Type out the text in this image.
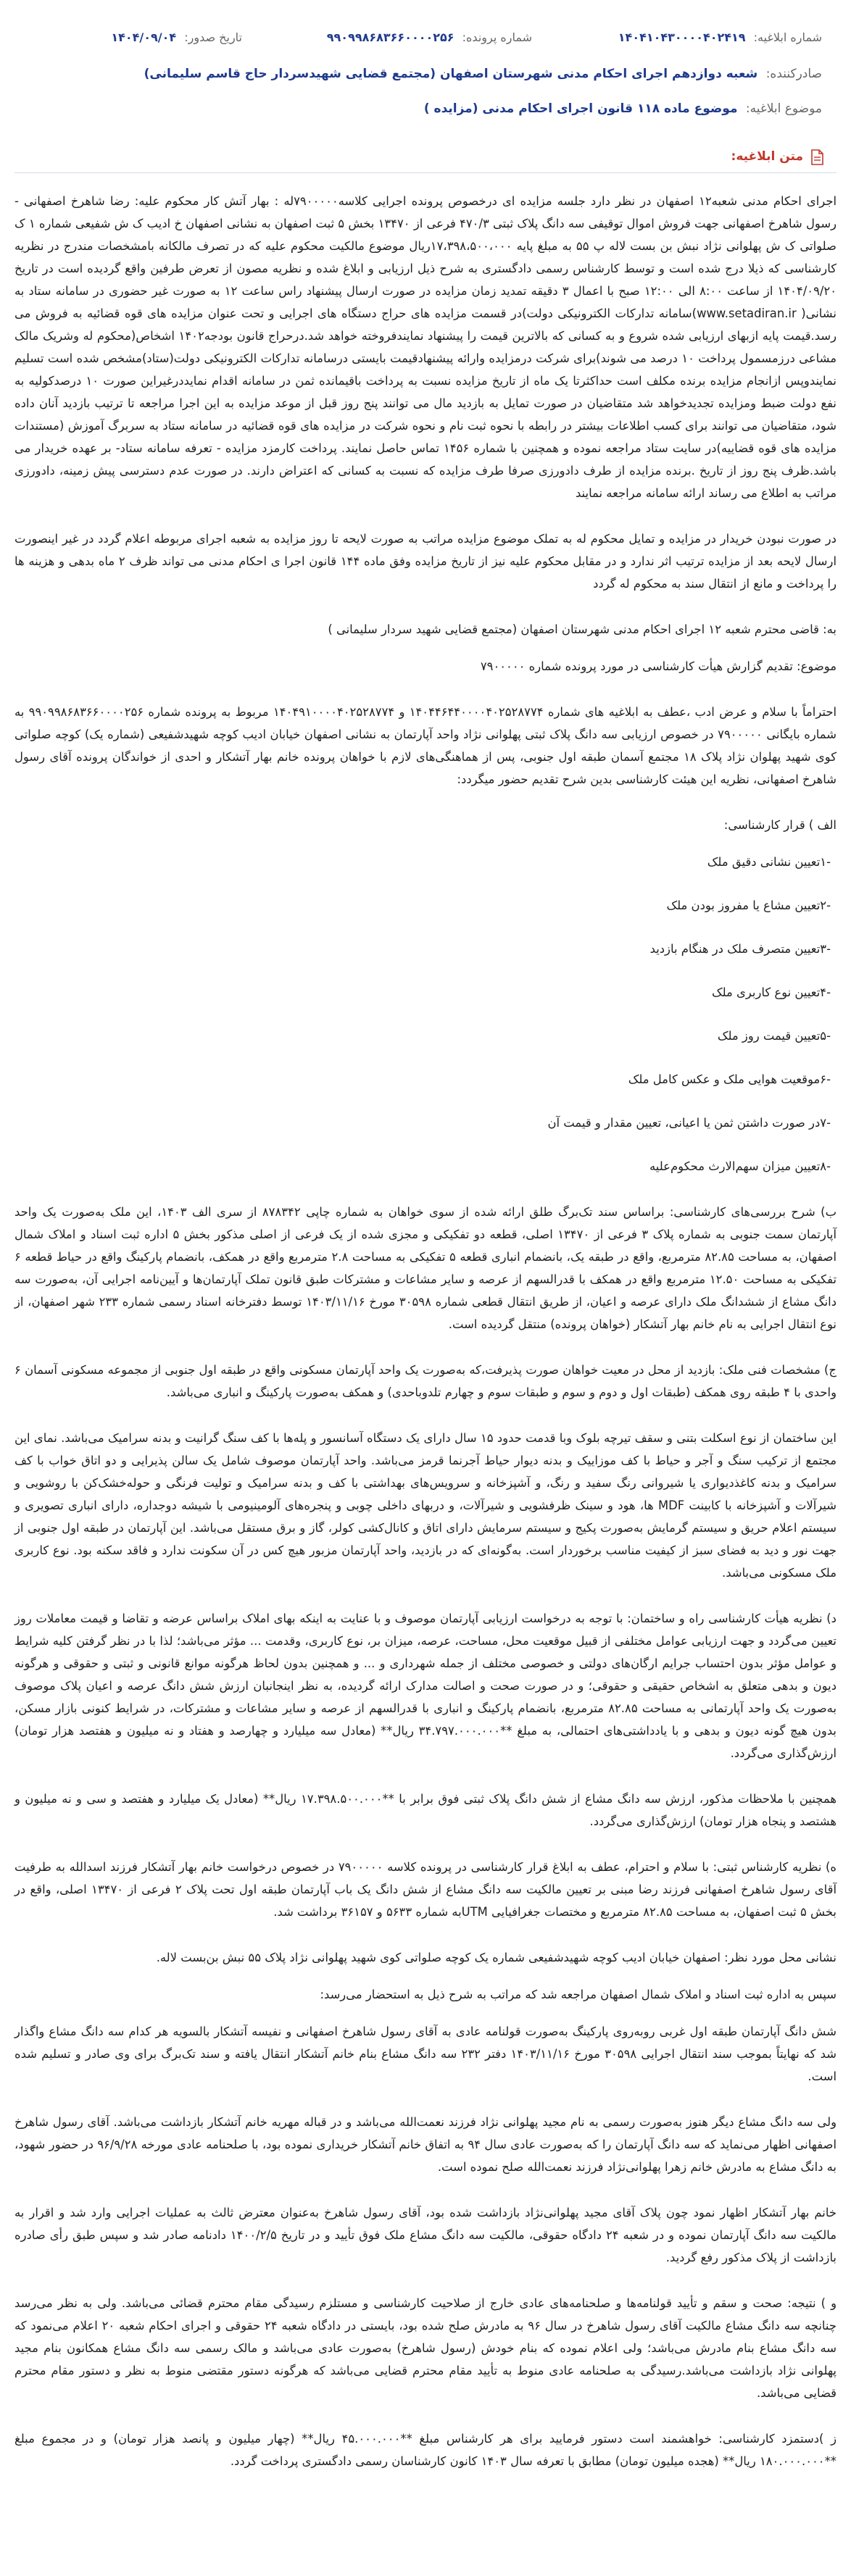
شماره ابلاغیه: ۱۴۰۴۱۰۴۳۰۰۰۰۴۰۲۴۱۹
شماره پرونده: ۹۹۰۹۹۸۶۸۳۶۶۰۰۰۰۲۵۶
تاریخ صدور: ۱۴۰۴/۰۹/۰۴
صادرکننده: شعبه دوازدهم اجرای احکام مدنی شهرستان اصفهان (مجتمع قضایی شهیدسردار حاج قاسم سلیمانی)
موضوع ابلاغیه: موضوع ماده ۱۱۸ قانون اجرای احکام مدنی (مزایده )
متن ابلاغیه:

اجرای احکام مدنی شعبه۱۲ اصفهان در نظر دارد جلسه مزایده ای درخصوص پرونده اجرایی کلاسه۷۹۰۰۰۰۰له : بهار آتش کار محکوم علیه: رضا شاهرخ اصفهانی - رسول شاهرخ اصفهانی جهت فروش اموال توقیفی سه دانگ پلاک ثبتی ۴۷۰/۳ فرعی از ۱۳۴۷۰ بخش ۵ ثبت اصفهان به نشانی اصفهان خ ادیب ک ش شفیعی شماره ۱ ک صلواتی ک ش پهلوانی نژاد نبش بن بست لاله پ ۵۵ به مبلغ پایه ۱۷،۳۹۸،۵۰۰،۰۰۰ریال موضوع مالکیت محکوم علیه که در تصرف مالکانه بامشخصات مندرج در نظریه کارشناسی که ذیلا درج شده است و توسط کارشناس رسمی دادگستری به شرح ذیل ارزیابی و ابلاغ شده و نظریه مصون از تعرض طرفین واقع گردیده است در تاریخ ۱۴۰۴/۰۹/۲۰ از ساعت ۸:۰۰ الی ۱۲:۰۰ صبح با اعمال ۳ دقیقه تمدید زمان مزایده در صورت ارسال پیشنهاد راس ساعت ۱۲ به صورت غیر حضوری در سامانه ستاد به نشانی( www.setadiran.ir)سامانه تدارکات الکترونیکی دولت)در قسمت مزایده های حراج دستگاه های اجرایی و تحت عنوان مزایده های قوه قضائیه به فروش می رسد.قیمت پایه ازبهای ارزیابی شده شروع و به کسانی که بالاترین قیمت را پیشنهاد نمایندفروخته خواهد شد.درحراج قانون بودجه۱۴۰۲ اشخاص(محکوم له وشریک مالک مشاعی درزمسمول پرداخت ۱۰ درصد می شوند)برای شرکت درمزایده وارائه پیشنهادقیمت بایستی درسامانه تدارکات الکترونیکی دولت(ستاد)مشخص شده است تسلیم نمایندوپس ازانجام مزایده برنده مکلف است حداکثرتا یک ماه از تاریخ مزایده نسبت به پرداخت باقیمانده ثمن در سامانه اقدام نمایددرغیراین صورت ۱۰ درصدکولیه به نفع دولت ضبط ومزایده تجدیدخواهد شد متقاضیان در صورت تمایل به بازدید مال می توانند پنج روز قبل از موعد مزایده به این اجرا مراجعه تا ترتیب بازدید آنان داده شود، متقاضیان می توانند برای کسب اطلاعات بیشتر در رابطه با نحوه ثبت نام و نحوه شرکت در مزایده های قوه قضائیه در سامانه ستاد به سربرگ آموزش (مستندات مزایده های قوه قضاییه)در سایت ستاد مراجعه نموده و همچنین با شماره ۱۴۵۶ تماس حاصل نمایند. پرداخت کارمزد مزایده - تعرفه سامانه ستاد- بر عهده خریدار می باشد.ظرف پنج روز از تاریخ .برنده مزایده از طرف دادورزی صرفا طرف مزایده که نسبت به کسانی که اعتراض دارند. در صورت عدم دسترسی پیش زمینه، دادورزی مراتب به اطلاع می رساند ارائه سامانه مراجعه نمایند

در صورت نبودن خریدار در مزایده و تمایل محکوم له به تملک موضوع مزایده مراتب به صورت لایحه تا روز مزایده به شعبه اجرای مربوطه اعلام گردد در غیر اینصورت ارسال لایحه بعد از مزایده ترتیب اثر ندارد و در مقابل محکوم علیه نیز از تاریخ مزایده وفق ماده ۱۴۴ قانون اجرا ی احکام مدنی می تواند ظرف ۲ ماه بدهی و هزینه ها را پرداخت و مانع از انتقال سند به محکوم له گردد

به: قاضی محترم شعبه ۱۲ اجرای احکام مدنی شهرستان اصفهان (مجتمع قضایی شهید سردار سلیمانی )

موضوع: تقدیم گزارش هیأت کارشناسی در مورد پرونده شماره ۷۹۰۰۰۰۰

احتراماً با سلام و عرض ادب ،عطف به ابلاغیه های شماره ۱۴۰۴۴۶۴۴۰۰۰۰۴۰۲۵۲۸۷۷۴ و ۱۴۰۴۹۱۰۰۰۰۴۰۲۵۲۸۷۷۴ مربوط به پرونده شماره ۹۹۰۹۹۸۶۸۳۶۶۰۰۰۰۲۵۶ به شماره بایگانی ۷۹۰۰۰۰۰ در خصوص ارزیابی سه دانگ پلاک ثبتی پهلوانی نژاد واحد آپارتمان به نشانی اصفهان خیابان ادیب کوچه شهیدشفیعی (شماره یک) کوچه صلواتی کوی شهید پهلوان نژاد پلاک ۱۸ مجتمع آسمان طبقه اول جنوبی، پس از هماهنگی‌های لازم با خواهان پرونده خانم بهار آتشکار و احدی از خواندگان پرونده آقای رسول شاهرخ اصفهانی، نظریه این هیئت کارشناسی بدین شرح تقدیم حضور میگردد:

الف ) قرار کارشناسی:

-۱تعیین نشانی دقیق ملک
-۲تعیین مشاع یا مفروز بودن ملک
-۳تعیین متصرف ملک در هنگام بازدید
-۴تعیین نوع کاربری ملک
-۵تعیین قیمت روز ملک
-۶موقعیت هوایی ملک و عکس کامل ملک
-۷در صورت داشتن ثمن یا اعیانی، تعیین مقدار و قیمت آن
-۸تعیین میزان سهم‌الارث محکوم‌علیه

ب) شرح بررسی‌های کارشناسی: براساس سند تک‌برگ طلق ارائه شده از سوی خواهان به شماره چاپی ۸۷۸۳۴۲ از سری الف ۱۴۰۳، این ملک به‌صورت یک واحد آپارتمان سمت جنوبی به شماره پلاک ۳ فرعی از ۱۳۴۷۰ اصلی، قطعه دو تفکیکی و مجزی شده از یک فرعی از اصلی مذکور بخش ۵ اداره ثبت اسناد و املاک شمال اصفهان، به مساحت ۸۲.۸۵ مترمربع، واقع در طبقه یک، بانضمام انباری قطعه ۵ تفکیکی به مساحت ۲.۸ مترمربع واقع در همکف، بانضمام پارکینگ واقع در حیاط قطعه ۶ تفکیکی به مساحت ۱۲.۵۰ مترمربع واقع در همکف با قدرالسهم از عرصه و سایر مشاعات و مشترکات طبق قانون تملک آپارتمان‌ها و آیین‌نامه اجرایی آن، به‌صورت سه دانگ مشاع از ششدانگ ملک دارای عرصه و اعیان، از طریق انتقال قطعی شماره ۳۰۵۹۸ مورخ ۱۴۰۳/۱۱/۱۶ توسط دفترخانه اسناد رسمی شماره ۲۳۳ شهر اصفهان، از نوع انتقال اجرایی به نام خانم بهار آتشکار (خواهان پرونده) منتقل گردیده است.

ج) مشخصات فنی ملک: بازدید از محل در معیت خواهان صورت پذیرفت،که به‌صورت یک واحد آپارتمان مسکونی واقع در طبقه اول جنوبی از مجموعه مسکونی آسمان ۶ واحدی با ۴ طبقه روی همکف (طبقات اول و دوم و سوم و طبقات سوم و چهارم تلدوباحدی) و همکف به‌صورت پارکینگ و انباری می‌باشد.

این ساختمان از نوع اسکلت بتنی و سقف تیرچه بلوک وبا قدمت حدود ۱۵ سال دارای یک دستگاه آسانسور و پله‌ها با کف سنگ گرانیت و بدنه سرامیک می‌باشد. نمای این مجتمع از ترکیب سنگ و آجر و حیاط با کف موزاییک و بدنه دیوار حیاط آجرنما قرمز می‌باشد. واحد آپارتمان موصوف شامل یک سالن پذیرایی و دو اتاق خواب با کف سرامیک و بدنه کاغذدیواری یا شیروانی رنگ سفید و رنگ، و آشپزخانه و سرویس‌های بهداشتی با کف و بدنه سرامیک و تولیت فرنگی و حوله‌خشک‌کن با روشویی و شیرآلات و آشپزخانه با کابینت MDF ها، هود و سینک ظرفشویی و شیرآلات، و دربهای داخلی چوبی و پنجره‌های آلومینیومی با شیشه دوجداره، دارای انباری تصویری و سیستم اعلام حریق و سیستم گرمایش به‌صورت پکیج و سیستم سرمایش دارای اتاق و کانال‌کشی کولر، گاز و برق مستقل می‌باشد. این آپارتمان در طبقه اول جنوبی از جهت نور و دید به فضای سبز از کیفیت مناسب برخوردار است. به‌گونه‌ای که در بازدید، واحد آپارتمان مزبور هیچ کس در آن سکونت ندارد و فاقد سکنه بود. نوع کاربری ملک مسکونی می‌باشد.

د) نظریه هیأت کارشناسی راه و ساختمان: با توجه به درخواست ارزیابی آپارتمان موصوف و با عنایت به اینکه بهای املاک براساس عرضه و تقاضا و قیمت معاملات روز تعیین می‌گردد و جهت ارزیابی عوامل مختلفی از قبیل موقعیت محل، مساحت، عرصه، میزان بر، نوع کاربری، وقدمت ... مؤثر می‌باشد؛ لذا با در نظر گرفتن کلیه شرایط و عوامل مؤثر بدون احتساب جرایم ارگان‌های دولتی و خصوصی مختلف از جمله شهرداری و ... و همچنین بدون لحاظ هرگونه موانع قانونی و ثبتی و حقوقی و هرگونه دیون و بدهی متعلق به اشخاص حقیقی و حقوقی؛ و در صورت صحت و اصالت مدارک ارائه گردیده، به نظر اینجانبان ارزش شش دانگ عرصه و اعیان پلاک موصوف به‌صورت یک واحد آپارتمانی به مساحت ۸۲.۸۵ مترمربع، بانضمام پارکینگ و انباری با قدرالسهم از عرصه و سایر مشاعات و مشترکات، در شرایط کنونی بازار مسکن، بدون هیچ گونه دیون و بدهی و با یادداشتی‌های احتمالی، به مبلغ **۳۴.۷۹۷.۰۰۰.۰۰۰ ریال** (معادل سه میلیارد و چهارصد و هفتاد و نه میلیون و هفتصد هزار تومان) ارزش‌گذاری می‌گردد.

همچنین با ملاحظات مذکور، ارزش سه دانگ مشاع از شش دانگ پلاک ثبتی فوق برابر با **۱۷.۳۹۸.۵۰۰.۰۰۰ ریال** (معادل یک میلیارد و هفتصد و سی و نه میلیون و هشتصد و پنجاه هزار تومان) ارزش‌گذاری می‌گردد.

ه) نظریه کارشناس ثبتی: با سلام و احترام، عطف به ابلاغ قرار کارشناسی در پرونده کلاسه ۷۹۰۰۰۰۰ در خصوص درخواست خانم بهار آتشکار فرزند اسدالله به طرفیت آقای رسول شاهرخ اصفهانی فرزند رضا مبنی بر تعیین مالکیت سه دانگ مشاع از شش دانگ یک باب آپارتمان طبقه اول تحت پلاک ۲ فرعی از ۱۳۴۷۰ اصلی، واقع در بخش ۵ ثبت اصفهان، به مساحت ۸۲.۸۵ مترمربع و مختصات جغرافیایی UTMبه شماره ۵۶۳۳ و ۳۶۱۵۷ برداشت شد.

نشانی محل مورد نظر: اصفهان خیابان ادیب کوچه شهیدشفیعی شماره یک کوچه صلواتی کوی شهید پهلوانی نژاد پلاک ۵۵ نبش بن‌بست لاله.

سپس به اداره ثبت اسناد و املاک شمال اصفهان مراجعه شد که مراتب به شرح ذیل به استحضار می‌رسد:

شش دانگ آپارتمان طبقه اول غربی روبه‌روی پارکینگ به‌صورت قولنامه عادی به آقای رسول شاهرخ اصفهانی و نفیسه آتشکار بالسویه هر کدام سه دانگ مشاع واگذار شد که نهایتاً بموجب سند انتقال اجرایی ۳۰۵۹۸ مورخ ۱۴۰۳/۱۱/۱۶ دفتر ۲۳۲ سه دانگ مشاع بنام خانم آتشکار انتقال یافته و سند تک‌برگ برای وی صادر و تسلیم شده است.

ولی سه دانگ مشاع دیگر هنوز به‌صورت رسمی به نام مجید پهلوانی نژاد فرزند نعمت‌الله می‌باشد و در قباله مهریه خانم آتشکار بازداشت می‌باشد. آقای رسول شاهرخ اصفهانی اظهار می‌نماید که سه دانگ آپارتمان را که به‌صورت عادی سال ۹۴ به اتفاق خانم آتشکار خریداری نموده بود، با صلحنامه عادی مورخه ۹۶/۹/۲۸ در حضور شهود، به دانگ مشاع به مادرش خانم زهرا پهلوانی‌نژاد فرزند نعمت‌الله صلح نموده است.

خانم بهار آتشکار اظهار نمود چون پلاک آقای مجید پهلوانی‌نژاد بازداشت شده بود، آقای رسول شاهرخ به‌عنوان معترض ثالث به عملیات اجرایی وارد شد و اقرار به مالکیت سه دانگ آپارتمان نموده و در شعبه ۲۴ دادگاه حقوقی، مالکیت سه دانگ مشاع ملک فوق تأیید و در تاریخ ۱۴۰۰/۲/۵ دادنامه صادر شد و سپس طبق رأی صادره بازداشت از پلاک مذکور رفع گردید.

و ) نتیجه: صحت و سقم و تأیید قولنامه‌ها و صلحنامه‌های عادی خارج از صلاحیت کارشناسی و مستلزم رسیدگی مقام محترم قضائی می‌باشد. ولی به نظر می‌رسد چنانچه سه دانگ مشاع مالکیت آقای رسول شاهرخ در سال ۹۶ به مادرش صلح شده بود، بایستی در دادگاه شعبه ۲۴ حقوقی و اجرای احکام شعبه ۲۰ اعلام می‌نمود که سه دانگ مشاع بنام مادرش می‌باشد؛ ولی اعلام نموده که بنام خودش (رسول شاهرخ) به‌صورت عادی می‌باشد و مالک رسمی سه دانگ مشاع همکانون بنام مجید پهلوانی نژاد بازداشت می‌باشد.رسیدگی به صلحنامه عادی منوط به تأیید مقام محترم قضایی می‌باشد که هرگونه دستور مقتضی منوط به نظر و دستور مقام محترم قضایی می‌باشد.

ز )دستمزد کارشناسی: خواهشمند است دستور فرمایید برای هر کارشناس مبلغ **۴۵.۰۰۰.۰۰۰ ریال** (چهار میلیون و پانصد هزار تومان) و در مجموع مبلغ **۱۸۰.۰۰۰.۰۰۰ ریال** (هجده میلیون تومان) مطابق با تعرفه سال ۱۴۰۳ کانون کارشناسان رسمی دادگستری پرداخت گردد.
